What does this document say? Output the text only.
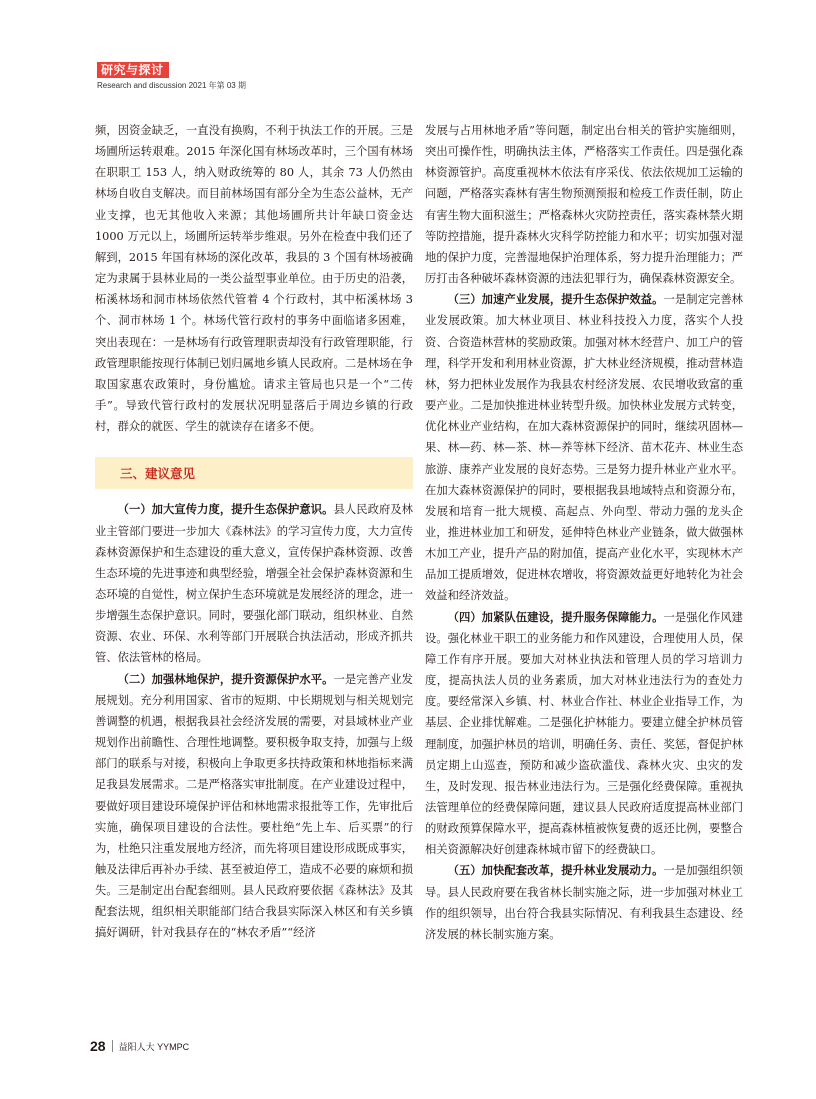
研究与探讨
Research and discussion 2021 年第 03 期

频，因资金缺乏，一直没有换购，不利于执法工作的开展。三是场圃所运转艰难。2015 年深化国有林场改革时，三个国有林场在职职工 153 人，纳入财政统筹的 80 人，其余 73 人仍然由林场自收自支解决。而目前林场国有部分全为生态公益林，无产业支撑，也无其他收入来源；其他场圃所共计年缺口资金达 1000 万元以上，场圃所运转举步维艰。另外在检查中我们还了解到，2015 年国有林场的深化改革，我县的 3 个国有林场被确定为隶属于县林业局的一类公益型事业单位。由于历史的沿袭，柘溪林场和洞市林场依然代管着 4 个行政村，其中柘溪林场 3 个、洞市林场 1 个。林场代管行政村的事务中面临诸多困难，突出表现在：一是林场有行政管理职责却没有行政管理职能，行政管理职能按现行体制已划归属地乡镇人民政府。二是林场在争取国家惠农政策时，身份尴尬。请求主管局也只是一个“二传手”。导致代管行政村的发展状况明显落后于周边乡镇的行政村，群众的就医、学生的就读存在诸多不便。

三、建议意见

（一）加大宣传力度，提升生态保护意识。县人民政府及林业主管部门要进一步加大《森林法》的学习宣传力度，大力宣传森林资源保护和生态建设的重大意义，宣传保护森林资源、改善生态环境的先进事迹和典型经验，增强全社会保护森林资源和生态环境的自觉性，树立保护生态环境就是发展经济的理念，进一步增强生态保护意识。同时，要强化部门联动，组织林业、自然资源、农业、环保、水利等部门开展联合执法活动，形成齐抓共管、依法管林的格局。

（二）加强林地保护，提升资源保护水平。一是完善产业发展规划。充分利用国家、省市的短期、中长期规划与相关规划完善调整的机遇，根据我县社会经济发展的需要，对县域林业产业规划作出前瞻性、合理性地调整。要积极争取支持，加强与上级部门的联系与对接，积极向上争取更多扶持政策和林地指标来满足我县发展需求。二是严格落实审批制度。在产业建设过程中，要做好项目建设环境保护评估和林地需求报批等工作，先审批后实施，确保项目建设的合法性。要杜绝“先上车、后买票”的行为，杜绝只注重发展地方经济，而先将项目建设形成既成事实，触及法律后再补办手续、甚至被迫停工，造成不必要的麻烦和损失。三是制定出台配套细则。县人民政府要依据《森林法》及其配套法规，组织相关职能部门结合我县实际深入林区和有关乡镇搞好调研，针对我县存在的“林农矛盾”“经济

发展与占用林地矛盾”等问题，制定出台相关的管护实施细则，突出可操作性，明确执法主体，严格落实工作责任。四是强化森林资源管护。高度重视林木依法有序采伐、依法依规加工运输的问题，严格落实森林有害生物预测预报和检疫工作责任制，防止有害生物大面积滋生；严格森林火灾防控责任，落实森林禁火期等防控措施，提升森林火灾科学防控能力和水平；切实加强对湿地的保护力度，完善湿地保护治理体系，努力提升治理能力；严厉打击各种破坏森林资源的违法犯罪行为，确保森林资源安全。

（三）加速产业发展，提升生态保护效益。一是制定完善林业发展政策。加大林业项目、林业科技投入力度，落实个人投资、合资造林营林的奖励政策。加强对林木经营户、加工户的管理，科学开发和利用林业资源，扩大林业经济规模，推动营林造林，努力把林业发展作为我县农村经济发展、农民增收致富的重要产业。二是加快推进林业转型升级。加快林业发展方式转变，优化林业产业结构，在加大森林资源保护的同时，继续巩固林—果、林—药、林—茶、林—养等林下经济、苗木花卉、林业生态旅游、康养产业发展的良好态势。三是努力提升林业产业水平。在加大森林资源保护的同时，要根据我县地域特点和资源分布，发展和培育一批大规模、高起点、外向型、带动力强的龙头企业，推进林业加工和研发，延伸特色林业产业链条，做大做强林木加工产业，提升产品的附加值，提高产业化水平，实现林木产品加工提质增效，促进林农增收，将资源效益更好地转化为社会效益和经济效益。

（四）加紧队伍建设，提升服务保障能力。一是强化作风建设。强化林业干职工的业务能力和作风建设，合理使用人员，保障工作有序开展。要加大对林业执法和管理人员的学习培训力度，提高执法人员的业务素质，加大对林业违法行为的查处力度。要经常深入乡镇、村、林业合作社、林业企业指导工作，为基层、企业排忧解难。二是强化护林能力。要建立健全护林员管理制度，加强护林员的培训，明确任务、责任、奖惩，督促护林员定期上山巡查，预防和减少盗砍滥伐、森林火灾、虫灾的发生，及时发现、报告林业违法行为。三是强化经费保障。重视执法管理单位的经费保障问题，建议县人民政府适度提高林业部门的财政预算保障水平，提高森林植被恢复费的返还比例，要整合相关资源解决好创建森林城市留下的经费缺口。

（五）加快配套改革，提升林业发展动力。一是加强组织领导。县人民政府要在我省林长制实施之际，进一步加强对林业工作的组织领导，出台符合我县实际情况、有利我县生态建设、经济发展的林长制实施方案。

28 益阳人大 YYMPC
